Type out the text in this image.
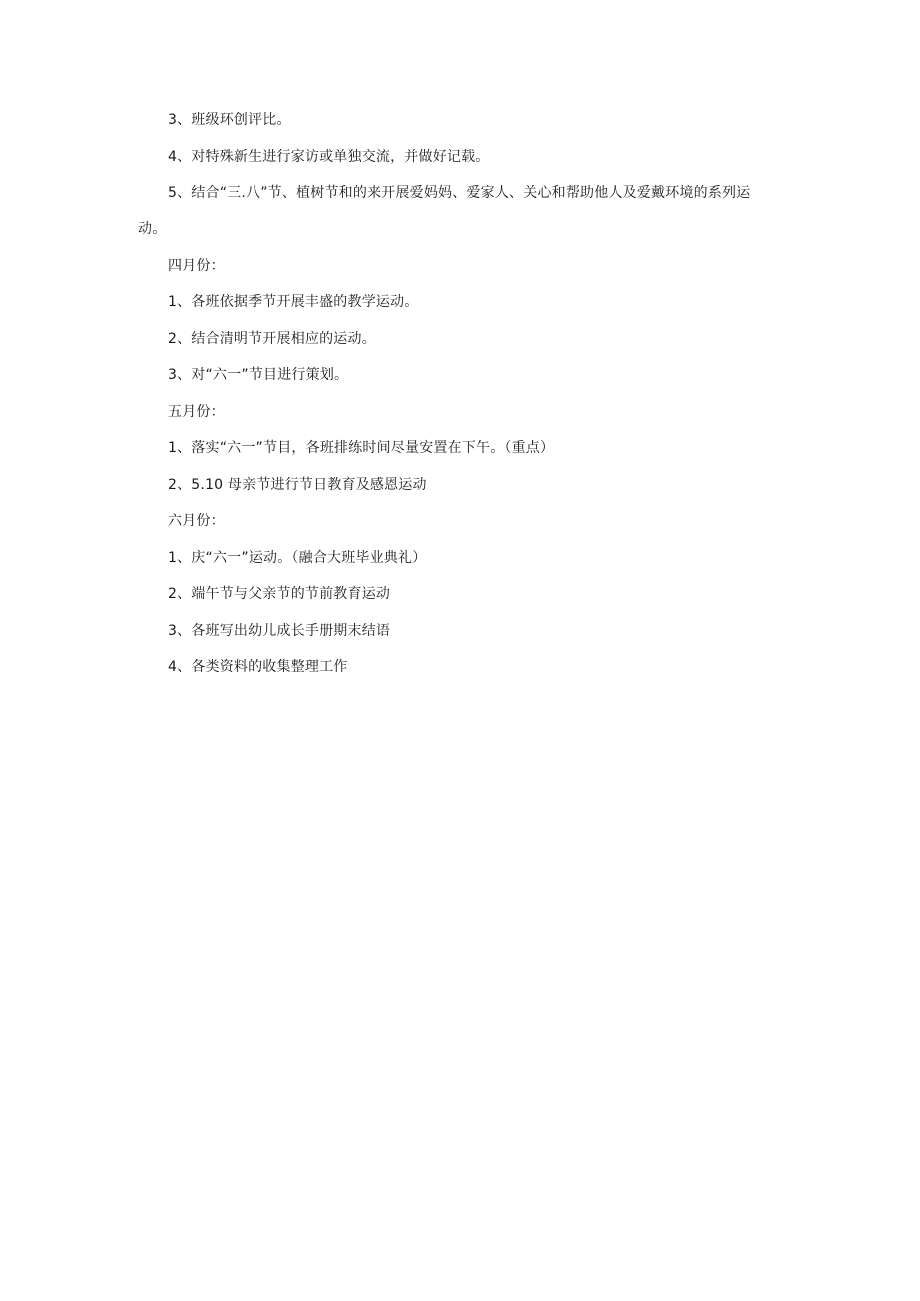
3、班级环创评比。

4、对特殊新生进行家访或单独交流，并做好记载。

5、结合“三.八”节、植树节和的来开展爱妈妈、爱家人、关心和帮助他人及爱戴环境的系列运动。

四月份：

1、各班依据季节开展丰盛的教学运动。

2、结合清明节开展相应的运动。

3、对“六一”节目进行策划。

五月份：

1、落实“六一”节目，各班排练时间尽量安置在下午。（重点）

2、5.10 母亲节进行节日教育及感恩运动

六月份：

1、庆“六一”运动。（融合大班毕业典礼）

2、端午节与父亲节的节前教育运动

3、各班写出幼儿成长手册期末结语

4、各类资料的收集整理工作
